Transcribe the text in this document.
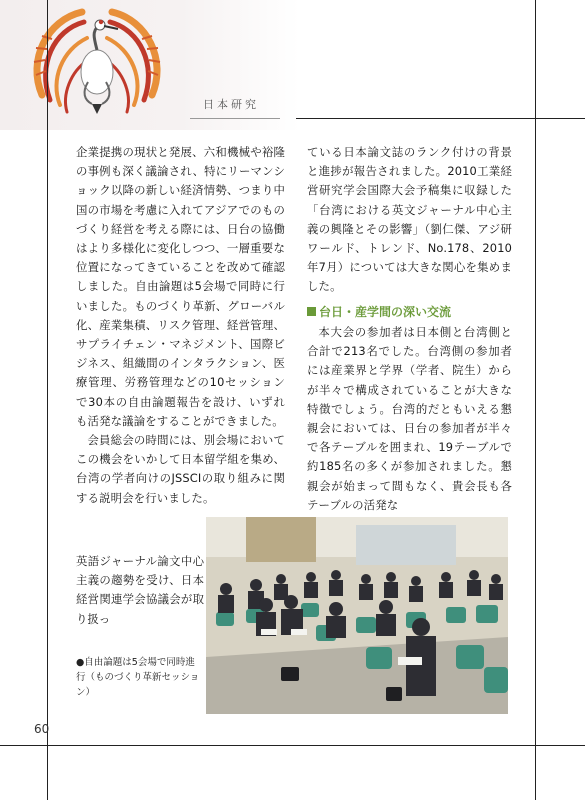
日本研究

企業提携の現状と発展、六和機械や裕隆の事例も深く議論され、特にリーマンショック以降の新しい経済情勢、つまり中国の市場を考慮に入れてアジアでのものづくり経営を考える際には、日台の協働はより多様化に変化しつつ、一層重要な位置になってきていることを改めて確認しました。自由論題は5会場で同時に行いました。ものづくり革新、グローバル化、産業集積、リスク管理、経営管理、サプライチェン・マネジメント、国際ビジネス、組織間のインタラクション、医療管理、労務管理などの10セッションで30本の自由論題報告を設け、いずれも活発な議論をすることができました。

会員総会の時間には、別会場においてこの機会をいかして日本留学組を集め、台湾の学者向けのJSSCIの取り組みに関する説明会を行いました。

英語ジャーナル論文中心主義の趨勢を受け、日本経営関連学会協議会が取り扱っ

ている日本論文誌のランク付けの背景と進捗が報告されました。2010工業経営研究学会国際大会予稿集に収録した「台湾における英文ジャーナル中心主義の興隆とその影響」（劉仁傑、アジ研ワールド、トレンド、No.178、2010年7月）については大きな関心を集めました。

台日・産学間の深い交流

本大会の参加者は日本側と台湾側と合計で213名でした。台湾側の参加者には産業界と学界（学者、院生）からが半々で構成されていることが大きな特徴でしょう。台湾的だともいえる懇親会においては、日台の参加者が半々で各テーブルを囲まれ、19テーブルで約185名の多くが参加されました。懇親会が始まって間もなく、貴会長も各テーブルの活発な

●自由論題は5会場で同時進行（ものづくり革新セッション）
60
